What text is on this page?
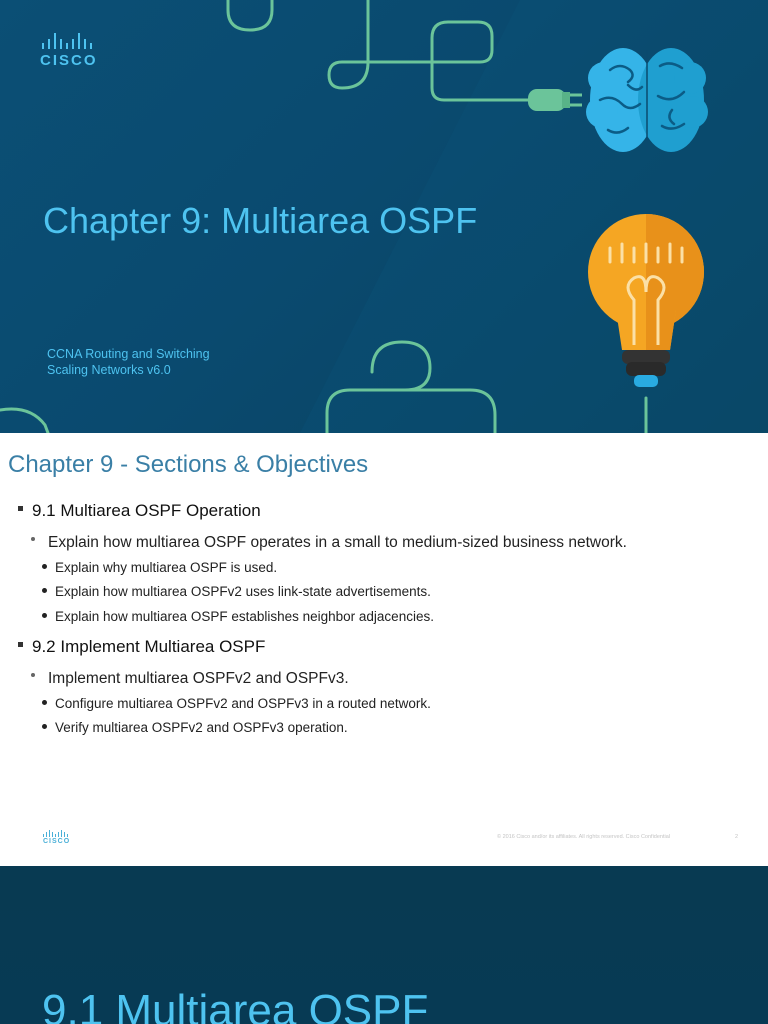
CISCO
Chapter 9: Multiarea OSPF
CCNA Routing and Switching
Scaling Networks v6.0
Chapter 9 - Sections & Objectives
9.1 Multiarea OSPF Operation
Explain how multiarea OSPF operates in a small to medium-sized business network.
Explain why multiarea OSPF is used.
Explain how multiarea OSPFv2 uses link-state advertisements.
Explain how multiarea OSPF establishes neighbor adjacencies.
9.2 Implement Multiarea OSPF
Implement multiarea OSPFv2 and OSPFv3.
Configure multiarea OSPFv2 and OSPFv3 in a routed network.
Verify multiarea OSPFv2 and OSPFv3 operation.
CISCO
© 2016 Cisco and/or its affiliates. All rights reserved. Cisco Confidential	2
9.1 Multiarea OSPF
